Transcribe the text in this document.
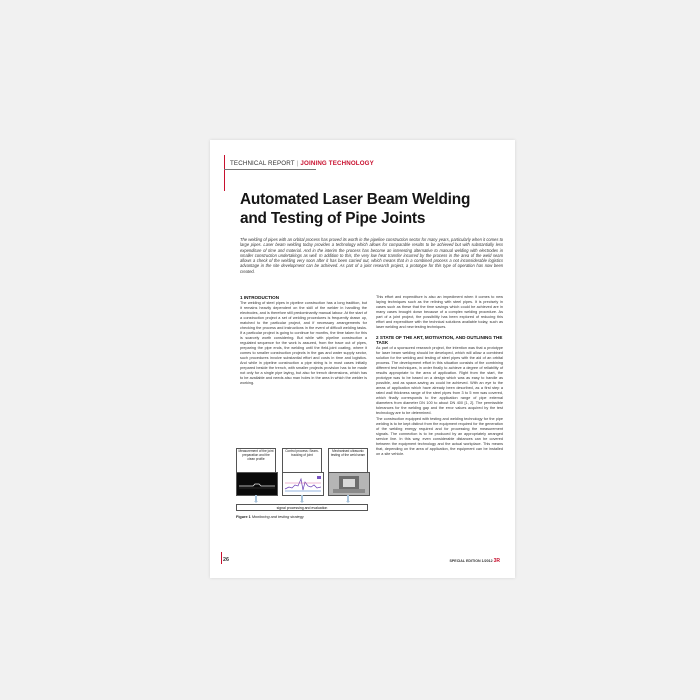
TECHNICAL REPORT | JOINING TECHNOLOGY
Automated Laser Beam Welding and Testing of Pipe Joints
The welding of pipes with an orbital process has proved its worth in the pipeline construction sector for many years, particularly when it comes to large pipes. Laser beam welding today provides a technology which allows for comparable results to be achieved but with substantially less expenditure of time and material. And in the interim the process has become an interesting alternative to manual welding with electrodes in smaller construction undertakings as well. In addition to this, the very low heat transfer incurred by the process in the area of the weld seam allows a check of the welding very soon after it has been carried out, which means that in a combined process a not inconsiderable logistics advantage in the site development can be achieved. As part of a joint research project, a prototype for this type of operation has now been created.
1 INTRODUCTION

The welding of steel pipes in pipeline construction has a long tradition, but it remains heavily dependent on the skill of the welder in handling the electrodes, and is therefore still predominantly manual labour. At the start of a construction project a set of welding procedures is frequently drawn up, matched to the particular project, and if necessary arrangements for checking the process and instructions in the event of difficult welding tasks. If a particular project is going to continue for months, the time taken for this is scarcely worth considering. But while with pipeline construction a regulated sequence for the work is assured, from the trace out of pipes, preparing the pipe ends, the welding until the field-joint coating, where it comes to smaller construction projects in the gas and water supply sector, such procedures involve substantial effort and costs in time and logistics. And while in pipeline construction a pipe string is in most cases initially prepared beside the trench, with smaller projects provision has to be made not only for a single pipe laying, but also for trench dimensions, which has to be available and needs also man holes in the area in which the welder is working.

This effort and expenditure is also an impediment when it comes to new laying techniques such as the relining with steel pipes. It is precisely in cases such as these that the time savings which could be achieved are in many cases brought down because of a complex welding procedure. As part of a joint project, the possibility has been explored of reducing this effort and expenditure with the technical solutions available today, such as laser welding and new testing techniques.

2 STATE OF THE ART, MOTIVATION, AND OUTLINING THE TASK

As part of a sponsored research project, the intention was that a prototype for laser beam welding should be developed, which will allow a combined solution for the welding and testing of steel pipes with the aid of an orbital process. The development effort in this situation consists of the combining different test techniques, in order finally to achieve a degree of reliability of results appropriate to the area of application. Right from the start, the prototype was to be based on a design which was as easy to handle as possible, and as space-saving as could be achieved. With an eye to the areas of application which have already been described, as a first step a rated wall thickness range of the steel pipes from 3 to 5 mm was covered, which finally corresponds to the application range of pipe external diameters from diameter DN 100 to about DN 400 [1, 2]. The permissible tolerances for the welding gap and the error values acquired by the test technology are to be determined.

The construction equipped with testing and welding technology for the pipe welding is to be kept distinct from the equipment required for the generation of the welding energy required and for processing the measurement signals. The connection is to be produced by an appropriately arranged service line. In this way, even considerable distances can be covered between the equipment technology and the actual workplace. This means that, depending on the area of application, the equipment can be installed on a site vehicle.

Measurement of the joint preparation and the clean profile
Control process: Seam-tracking of joint
Mechanised ultrasonic testing of the weld seam
signal processing and evaluation
Figure 1 Monitoring and testing strategy
26	SPECIAL EDITION 1/2012 3R
